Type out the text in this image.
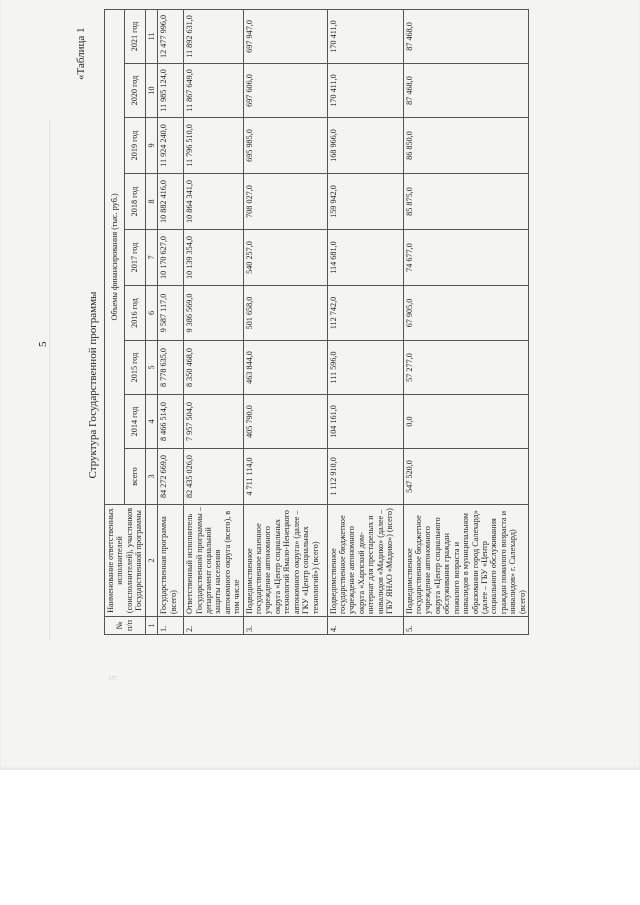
5
5
«Таблица 1
Структура Государственной программы
№ п/п	Наименование ответственных исполнителей (соисполнителей), участников Государственной программы	Объемы финансирования (тыс. руб.)								
		всего	2014 год	2015 год	2016 год	2017 год	2018 год	2019 год	2020 год	2021 год
1	2	3	4	5	6	7	8	9	10	11
1.	Государственная программа (всего)	84 272 669,0	8 466 514,0	8 778 635,0	9 587 117,0	10 170 627,0	10 882 416,0	11 924 240,0	11 985 124,0	12 477 996,0
2.	Ответственный исполнитель Государственной программы – департамент социальной защиты населения автономного округа (всего), в том числе	82 435 026,0	7 957 504,0	8 350 468,0	9 386 569,0	10 139 354,0	10 864 341,0	11 796 510,0	11 867 649,0	11 892 631,0
3.	Подведомственное государственное казенное учреждение автономного округа «Центр социальных технологий Ямало-Ненецкого автономного округа» (далее – ГКУ «Центр социальных технологий») (всего)	4 711 114,0	405 790,0	463 844,0	501 658,0	540 257,0	708 027,0	695 985,0	697 606,0	697 947,0
4.	Подведомственное государственное бюджетное учреждение автономного округа «Харпский дом-интернат для престарелых и инвалидов «Мадико» (далее – ГБУ ЯНАО «Мадико») (всего)	1 112 910,0	104 161,0	111 596,0	112 742,0	114 681,0	159 942,0	168 966,0	170 411,0	170 411,0
5.	Подведомственное государственное бюджетное учреждение автономного округа «Центр социального обслуживания граждан пожилого возраста и инвалидов в муниципальном образовании город Салехард» (далее – ГБУ «Центр социального обслуживания граждан пожилого возраста и инвалидов» г. Салехард) (всего)	547 520,0	0,0	57 277,0	67 905,0	74 677,0	85 875,0	86 850,0	87 468,0	87 468,0
